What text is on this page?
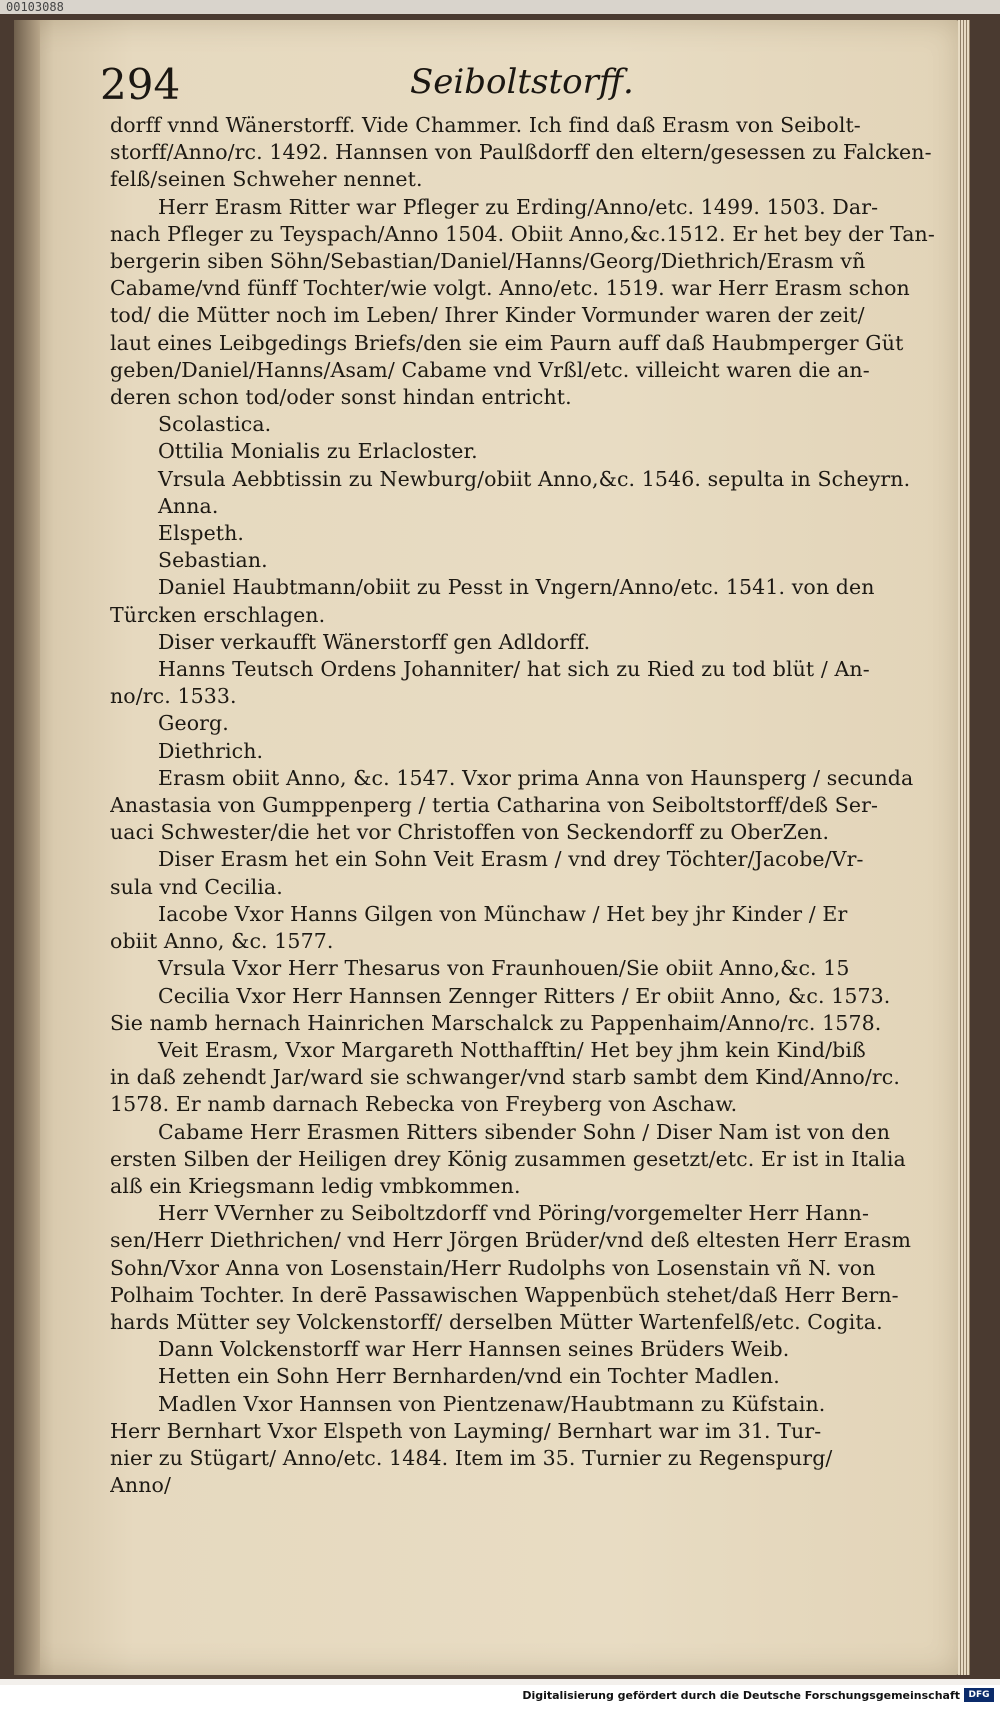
00103088
294	Seiboltstorff.
dorff vnnd Wänerstorff. Vide Chammer. Ich find daß Erasm von Seibolt-
storff/Anno/rc. 1492. Hannsen von Paulßdorff den eltern/gesessen zu Falcken-
felß/seinen Schweher nennet.
Herr Erasm Ritter war Pfleger zu Erding/Anno/etc. 1499. 1503. Dar-
nach Pfleger zu Teyspach/Anno 1504. Obiit Anno,&c.1512. Er het bey der Tan-
bergerin siben Söhn/Sebastian/Daniel/Hanns/Georg/Diethrich/Erasm vñ
Cabame/vnd fünff Tochter/wie volgt. Anno/etc. 1519. war Herr Erasm schon
tod/ die Mütter noch im Leben/ Ihrer Kinder Vormunder waren der zeit/
laut eines Leibgedings Briefs/den sie eim Paurn auff daß Haubmperger Güt
geben/Daniel/Hanns/Asam/ Cabame vnd Vrßl/etc. villeicht waren die an-
deren schon tod/oder sonst hindan entricht.
Scolastica.
Ottilia Monialis zu Erlacloster.
Vrsula Aebbtissin zu Newburg/obiit Anno,&c. 1546. sepulta in Scheyrn.
Anna.
Elspeth.
Sebastian.
Daniel Haubtmann/obiit zu Pesst in Vngern/Anno/etc. 1541. von den
Türcken erschlagen.
Diser verkaufft Wänerstorff gen Adldorff.
Hanns Teutsch Ordens Johanniter/ hat sich zu Ried zu tod blüt / An-
no/rc. 1533.
Georg.
Diethrich.
Erasm obiit Anno, &c. 1547. Vxor prima Anna von Haunsperg / secunda
Anastasia von Gumppenperg / tertia Catharina von Seiboltstorff/deß Ser-
uaci Schwester/die het vor Christoffen von Seckendorff zu OberZen.
Diser Erasm het ein Sohn Veit Erasm / vnd drey Töchter/Jacobe/Vr-
sula vnd Cecilia.
Iacobe Vxor Hanns Gilgen von Münchaw / Het bey jhr Kinder / Er
obiit Anno, &c. 1577.
Vrsula Vxor Herr Thesarus von Fraunhouen/Sie obiit Anno,&c. 15
Cecilia Vxor Herr Hannsen Zennger Ritters / Er obiit Anno, &c. 1573.
Sie namb hernach Hainrichen Marschalck zu Pappenhaim/Anno/rc. 1578.
Veit Erasm, Vxor Margareth Notthafftin/ Het bey jhm kein Kind/biß
in daß zehendt Jar/ward sie schwanger/vnd starb sambt dem Kind/Anno/rc.
1578. Er namb darnach Rebecka von Freyberg von Aschaw.
Cabame Herr Erasmen Ritters sibender Sohn / Diser Nam ist von den
ersten Silben der Heiligen drey König zusammen gesetzt/etc. Er ist in Italia
alß ein Kriegsmann ledig vmbkommen.
Herr VVernher zu Seiboltzdorff vnd Pöring/vorgemelter Herr Hann-
sen/Herr Diethrichen/ vnd Herr Jörgen Brüder/vnd deß eltesten Herr Erasm
Sohn/Vxor Anna von Losenstain/Herr Rudolphs von Losenstain vñ N. von
Polhaim Tochter. In derē Passawischen Wappenbüch stehet/daß Herr Bern-
hards Mütter sey Volckenstorff/ derselben Mütter Wartenfelß/etc. Cogita.
Dann Volckenstorff war Herr Hannsen seines Brüders Weib.
Hetten ein Sohn Herr Bernharden/vnd ein Tochter Madlen.
Madlen Vxor Hannsen von Pientzenaw/Haubtmann zu Küfstain.
Herr Bernhart Vxor Elspeth von Layming/ Bernhart war im 31. Tur-
nier zu Stügart/ Anno/etc. 1484. Item im 35. Turnier zu Regenspurg/
Anno/
Digitalisierung gefördert durch die Deutsche Forschungsgemeinschaft DFG
